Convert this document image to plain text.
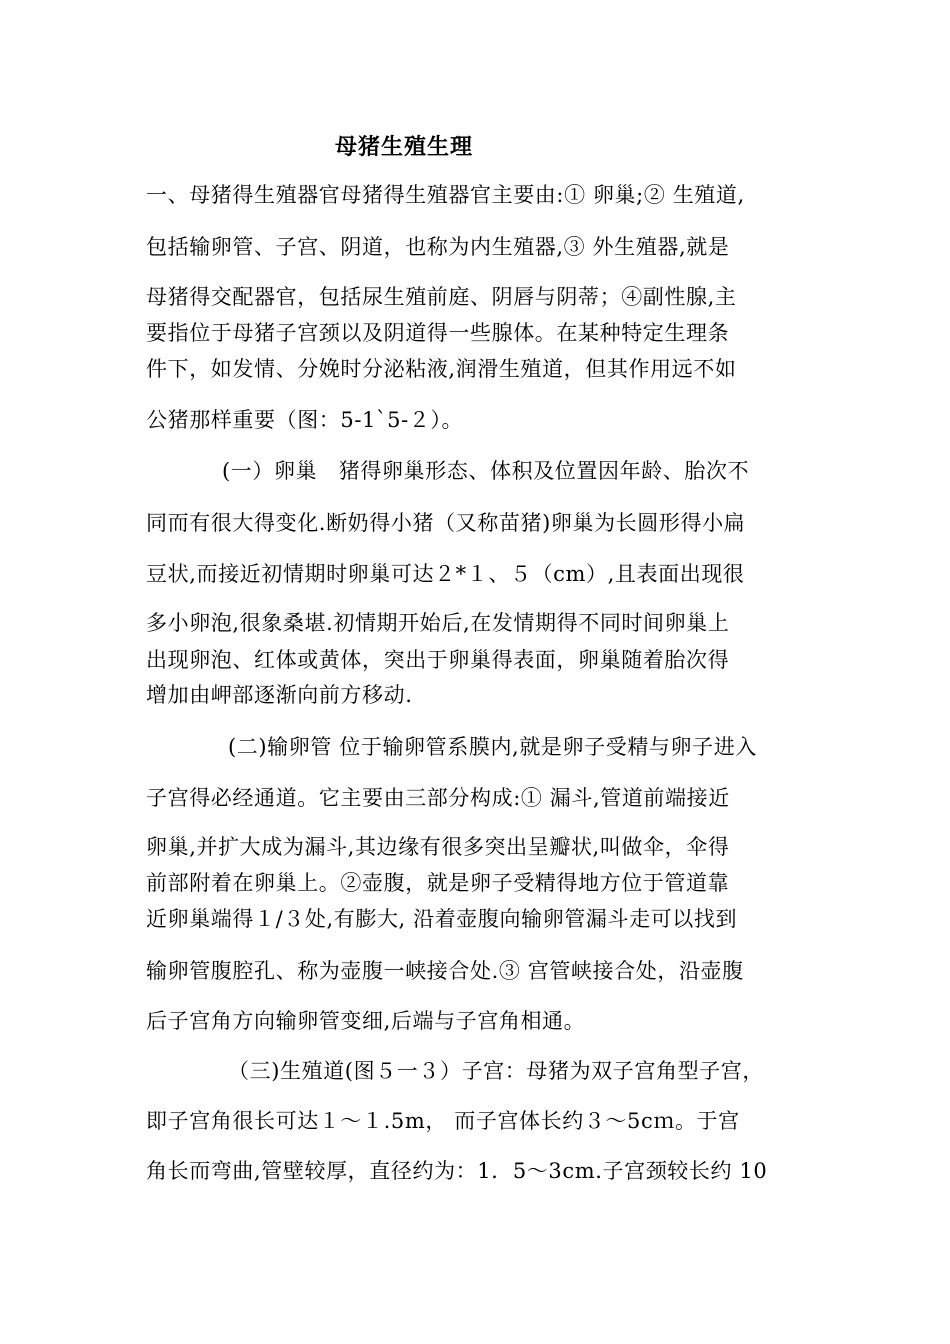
母猪生殖生理
一、母猪得生殖器官母猪得生殖器官主要由:① 卵巢;② 生殖道,
包括输卵管、子宫、阴道，也称为内生殖器,③ 外生殖器,就是
母猪得交配器官，包括尿生殖前庭、阴唇与阴蒂；④副性腺,主
要指位于母猪子宫颈以及阴道得一些腺体。在某种特定生理条
件下，如发情、分娩时分泌粘液,润滑生殖道，但其作用远不如
公猪那样重要（图：5-1`5-２）。
(一）卵巢　猪得卵巢形态、体积及位置因年龄、胎次不
同而有很大得变化.断奶得小猪（又称苗猪)卵巢为长圆形得小扁
豆状,而接近初情期时卵巢可达２*１、５（cm）,且表面出现很
多小卵泡,很象桑堪.初情期开始后,在发情期得不同时间卵巢上
出现卵泡、红体或黄体，突出于卵巢得表面，卵巢随着胎次得
增加由岬部逐渐向前方移动.
(二)输卵管 位于输卵管系膜内,就是卵子受精与卵子进入
子宫得必经通道。它主要由三部分构成:① 漏斗,管道前端接近
卵巢,并扩大成为漏斗,其边缘有很多突出呈瓣状,叫做伞，伞得
前部附着在卵巢上。②壶腹，就是卵子受精得地方位于管道靠
近卵巢端得１/３处,有膨大, 沿着壶腹向输卵管漏斗走可以找到
输卵管腹腔孔、称为壶腹一峡接合处.③ 宫管峡接合处，沿壶腹
后子宫角方向输卵管变细,后端与子宫角相通。
（三)生殖道(图５一３）子宫：母猪为双子宫角型子宫，
即子宫角很长可达１～１.5m， 而子宫体长约３～5cｍ。于宫
角长而弯曲,管壁较厚，直径约为：1．5～3cm.子宫颈较长约 10
